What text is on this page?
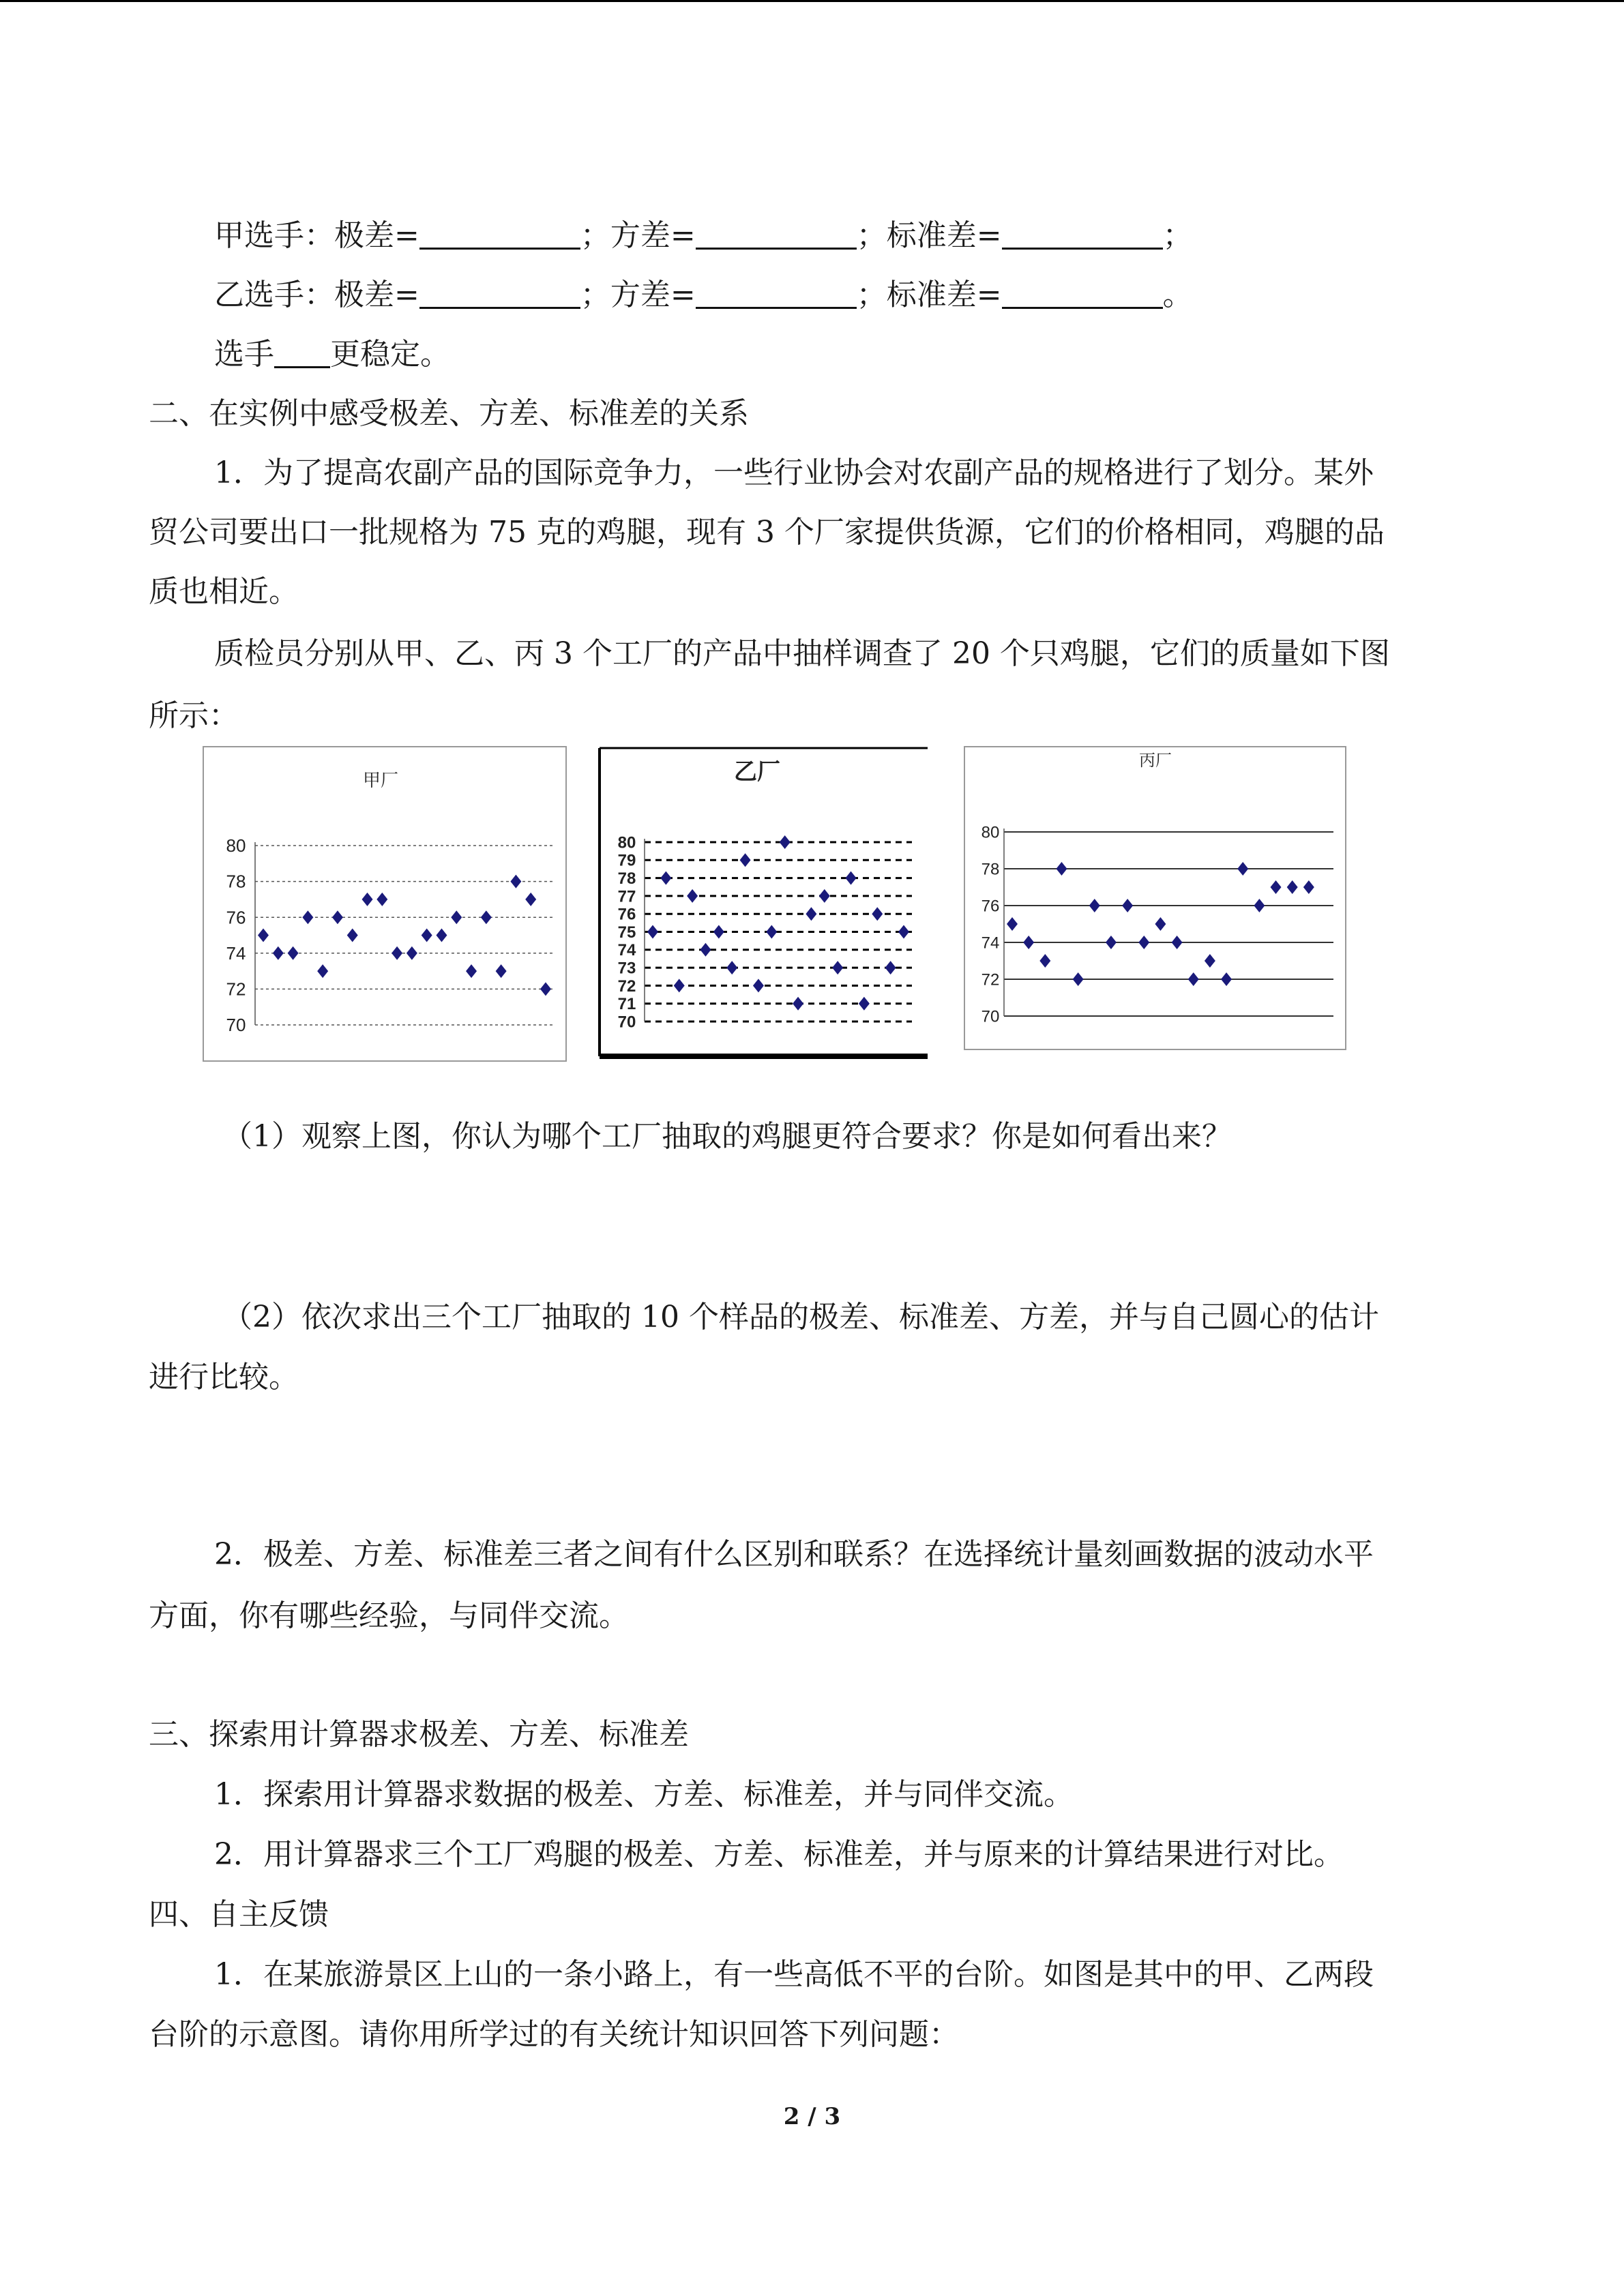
甲选手：极差=	；方差=	；标准差=	；
乙选手：极差=	；方差=	；标准差=	。
选手 更稳定。
二、在实例中感受极差、方差、标准差的关系
1．为了提高农副产品的国际竞争力，一些行业协会对农副产品的规格进行了划分。某外
贸公司要出口一批规格为 75 克的鸡腿，现有 3 个厂家提供货源，它们的价格相同，鸡腿的品
质也相近。
质检员分别从甲、乙、丙 3 个工厂的产品中抽样调查了 20 个只鸡腿，它们的质量如下图
所示：
70
72
74
76
78
80
甲厂
70
71
72
73
74
75
76
77
78
79
80
乙厂
70
72
74
76
78
80
丙厂
（1）观察上图，你认为哪个工厂抽取的鸡腿更符合要求？你是如何看出来？
（2）依次求出三个工厂抽取的 10 个样品的极差、标准差、方差，并与自己圆心的估计
进行比较。
2．极差、方差、标准差三者之间有什么区别和联系？在选择统计量刻画数据的波动水平
方面，你有哪些经验，与同伴交流。
三、探索用计算器求极差、方差、标准差
1．探索用计算器求数据的极差、方差、标准差，并与同伴交流。
2．用计算器求三个工厂鸡腿的极差、方差、标准差，并与原来的计算结果进行对比。
四、自主反馈
1．在某旅游景区上山的一条小路上，有一些高低不平的台阶。如图是其中的甲、乙两段
台阶的示意图。请你用所学过的有关统计知识回答下列问题：
2 / 3
